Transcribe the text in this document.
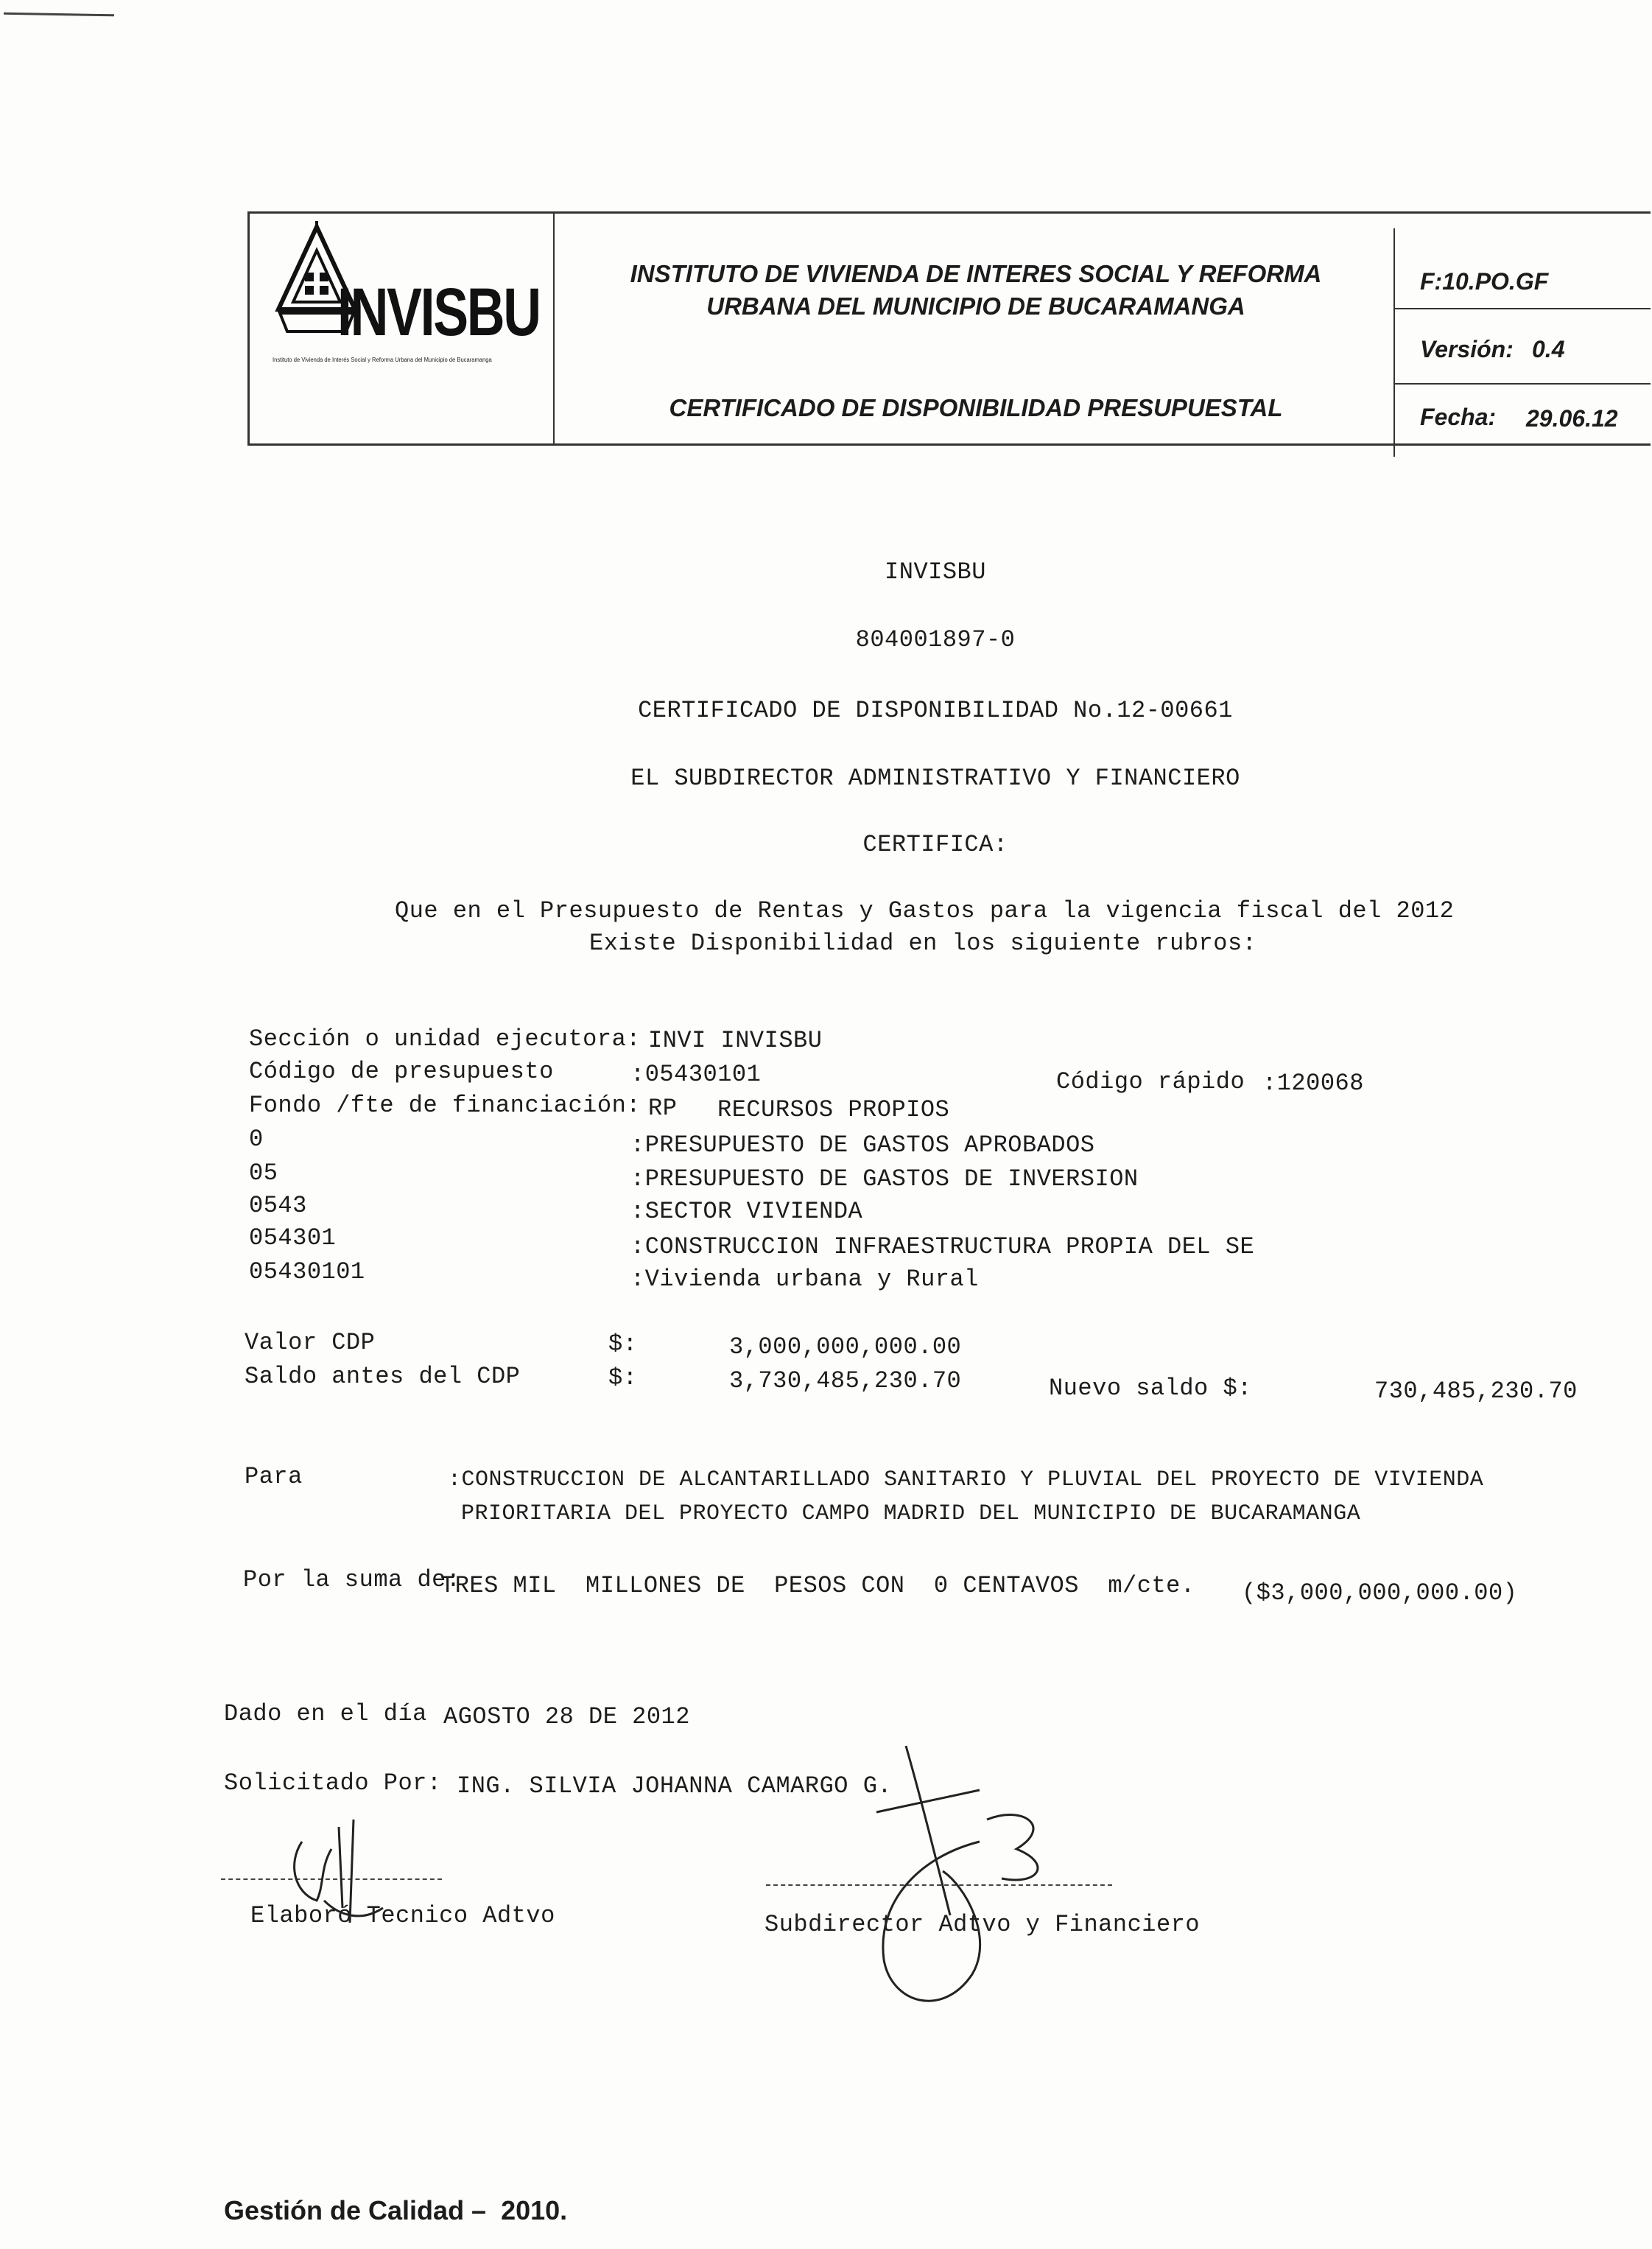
INVISBU
Instituto de Vivienda de Interés Social y Reforma Urbana del Municipio de Bucaramanga
INSTITUTO DE VIVIENDA DE INTERES SOCIAL Y REFORMA
URBANA DEL MUNICIPIO DE BUCARAMANGA
CERTIFICADO DE DISPONIBILIDAD PRESUPUESTAL
F:10.PO.GF
Versión: 0.4
Fecha: 29.06.12
INVISBU
804001897-0
CERTIFICADO DE DISPONIBILIDAD No.12-00661
EL SUBDIRECTOR ADMINISTRATIVO Y FINANCIERO
CERTIFICA:
Que en el Presupuesto de Rentas y Gastos para la vigencia fiscal del 2012
Existe Disponibilidad en los siguiente rubros:
Sección o unidad ejecutora: INVI INVISBU
Código de presupuesto	:05430101	Código rápido :120068
Fondo /fte de financiación: RP RECURSOS PROPIOS
0	:PRESUPUESTO DE GASTOS APROBADOS
05	:PRESUPUESTO DE GASTOS DE INVERSION
0543	:SECTOR VIVIENDA
054301	:CONSTRUCCION INFRAESTRUCTURA PROPIA DEL SE
05430101	:Vivienda urbana y Rural
Valor CDP	$:	3,000,000,000.00
Saldo antes del CDP	$:	3,730,485,230.70	Nuevo saldo $:	730,485,230.70
Para	:CONSTRUCCION DE ALCANTARILLADO SANITARIO Y PLUVIAL DEL PROYECTO DE VIVIENDA
PRIORITARIA DEL PROYECTO CAMPO MADRID DEL MUNICIPIO DE BUCARAMANGA
Por la suma de:
TRES MIL  MILLONES DE  PESOS CON  0 CENTAVOS  m/cte. ($3,000,000,000.00)
Dado en el día AGOSTO 28 DE 2012
Solicitado Por: ING. SILVIA JOHANNA CAMARGO G.
Elaboró Tecnico Adtvo	Subdirector Adtvo y Financiero
Gestión de Calidad –  2010.
